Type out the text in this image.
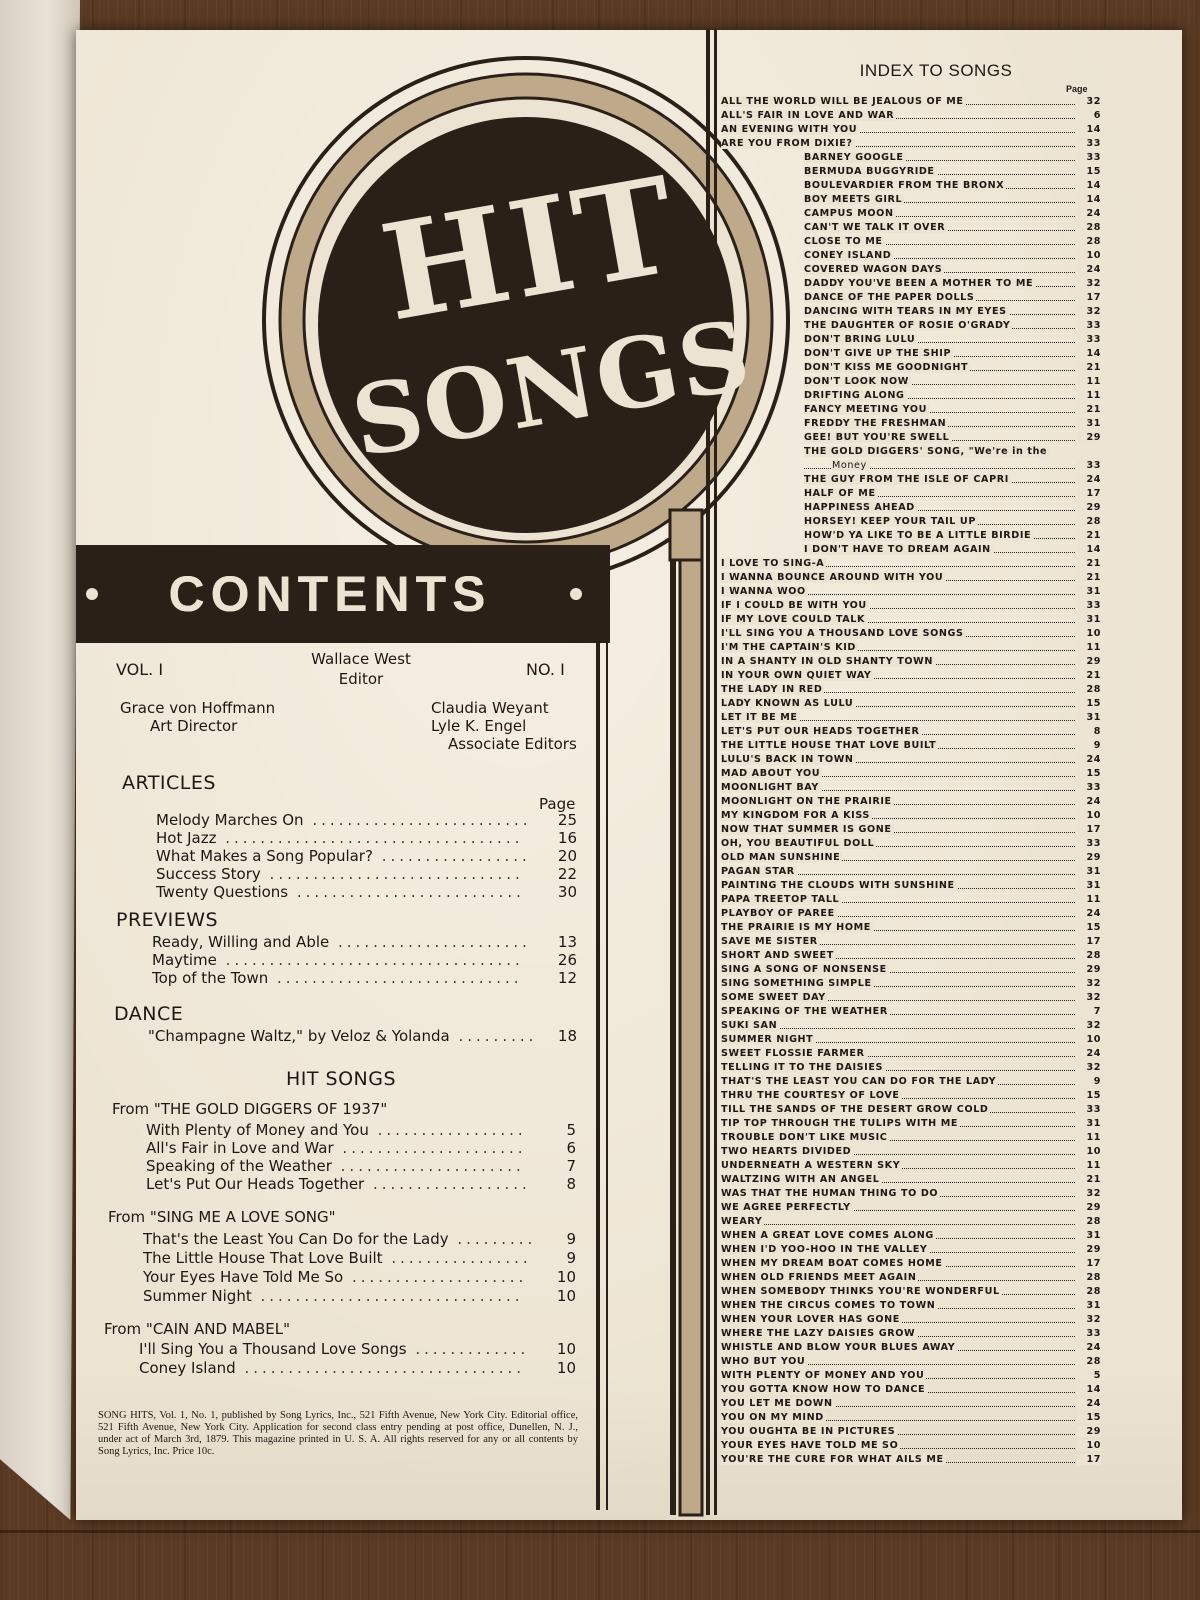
HIT
SONGS
CONTENTS
VOL. I
Wallace West
Editor	NO. I
Grace von Hoffmann
Art Director
Claudia Weyant
Lyle K. Engel
Associate Editors
ARTICLES
Page
Melody Marches On .........................	25
Hot Jazz ..................................	16
What Makes a Song Popular? .................	20
Success Story .............................	22
Twenty Questions ..........................	30
PREVIEWS
Ready, Willing and Able ......................	13
Maytime ..................................	26
Top of the Town ............................	12
DANCE
"Champagne Waltz," by Veloz & Yolanda .........	18
HIT SONGS
From "THE GOLD DIGGERS OF 1937"
With Plenty of Money and You .................	5
All's Fair in Love and War .....................	6
Speaking of the Weather .....................	7
Let's Put Our Heads Together ..................	8
From "SING ME A LOVE SONG"
That's the Least You Can Do for the Lady .........	9
The Little House That Love Built ................	9
Your Eyes Have Told Me So ....................	10
Summer Night ..............................	10
From "CAIN AND MABEL"
I'll Sing You a Thousand Love Songs .............	10
Coney Island ................................	10
SONG HITS, Vol. 1, No. 1, published by Song Lyrics, Inc., 521 Fifth Avenue, New York City. Editorial office, 521 Fifth Avenue, New York City. Application for second class entry pending at post office, Dunellen, N. J., under act of March 3rd, 1879. This magazine printed in U. S. A. All rights reserved for any or all contents by Song Lyrics, Inc. Price 10c.
INDEX TO SONGS
Page
ALL THE WORLD WILL BE JEALOUS OF ME	32
ALL'S FAIR IN LOVE AND WAR	6
AN EVENING WITH YOU	14
ARE YOU FROM DIXIE?	33
BARNEY GOOGLE	33
BERMUDA BUGGYRIDE	15
BOULEVARDIER FROM THE BRONX	14
BOY MEETS GIRL	14
CAMPUS MOON	24
CAN'T WE TALK IT OVER	28
CLOSE TO ME	28
CONEY ISLAND	10
COVERED WAGON DAYS	24
DADDY YOU'VE BEEN A MOTHER TO ME	32
DANCE OF THE PAPER DOLLS	17
DANCING WITH TEARS IN MY EYES	32
THE DAUGHTER OF ROSIE O'GRADY	33
DON'T BRING LULU	33
DON'T GIVE UP THE SHIP	14
DON'T KISS ME GOODNIGHT	21
DON'T LOOK NOW	11
DRIFTING ALONG	11
FANCY MEETING YOU	21
FREDDY THE FRESHMAN	31
GEE! BUT YOU'RE SWELL	29
THE GOLD DIGGERS' SONG, "We're in the
Money	33
THE GUY FROM THE ISLE OF CAPRI	24
HALF OF ME	17
HAPPINESS AHEAD	29
HORSEY! KEEP YOUR TAIL UP	28
HOW'D YA LIKE TO BE A LITTLE BIRDIE	21
I DON'T HAVE TO DREAM AGAIN	14
I LOVE TO SING-A	21
I WANNA BOUNCE AROUND WITH YOU	21
I WANNA WOO	31
IF I COULD BE WITH YOU	33
IF MY LOVE COULD TALK	31
I'LL SING YOU A THOUSAND LOVE SONGS	10
I'M THE CAPTAIN'S KID	11
IN A SHANTY IN OLD SHANTY TOWN	29
IN YOUR OWN QUIET WAY	21
THE LADY IN RED	28
LADY KNOWN AS LULU	15
LET IT BE ME	31
LET'S PUT OUR HEADS TOGETHER	8
THE LITTLE HOUSE THAT LOVE BUILT	9
LULU'S BACK IN TOWN	24
MAD ABOUT YOU	15
MOONLIGHT BAY	33
MOONLIGHT ON THE PRAIRIE	24
MY KINGDOM FOR A KISS	10
NOW THAT SUMMER IS GONE	17
OH, YOU BEAUTIFUL DOLL	33
OLD MAN SUNSHINE	29
PAGAN STAR	31
PAINTING THE CLOUDS WITH SUNSHINE	31
PAPA TREETOP TALL	11
PLAYBOY OF PAREE	24
THE PRAIRIE IS MY HOME	15
SAVE ME SISTER	17
SHORT AND SWEET	28
SING A SONG OF NONSENSE	29
SING SOMETHING SIMPLE	32
SOME SWEET DAY	32
SPEAKING OF THE WEATHER	7
SUKI SAN	32
SUMMER NIGHT	10
SWEET FLOSSIE FARMER	24
TELLING IT TO THE DAISIES	32
THAT'S THE LEAST YOU CAN DO FOR THE LADY	9
THRU THE COURTESY OF LOVE	15
TILL THE SANDS OF THE DESERT GROW COLD	33
TIP TOP THROUGH THE TULIPS WITH ME	31
TROUBLE DON'T LIKE MUSIC	11
TWO HEARTS DIVIDED	10
UNDERNEATH A WESTERN SKY	11
WALTZING WITH AN ANGEL	21
WAS THAT THE HUMAN THING TO DO	32
WE AGREE PERFECTLY	29
WEARY	28
WHEN A GREAT LOVE COMES ALONG	31
WHEN I'D YOO-HOO IN THE VALLEY	29
WHEN MY DREAM BOAT COMES HOME	17
WHEN OLD FRIENDS MEET AGAIN	28
WHEN SOMEBODY THINKS YOU'RE WONDERFUL	28
WHEN THE CIRCUS COMES TO TOWN	31
WHEN YOUR LOVER HAS GONE	32
WHERE THE LAZY DAISIES GROW	33
WHISTLE AND BLOW YOUR BLUES AWAY	24
WHO BUT YOU	28
WITH PLENTY OF MONEY AND YOU	5
YOU GOTTA KNOW HOW TO DANCE	14
YOU LET ME DOWN	24
YOU ON MY MIND	15
YOU OUGHTA BE IN PICTURES	29
YOUR EYES HAVE TOLD ME SO	10
YOU'RE THE CURE FOR WHAT AILS ME	17
